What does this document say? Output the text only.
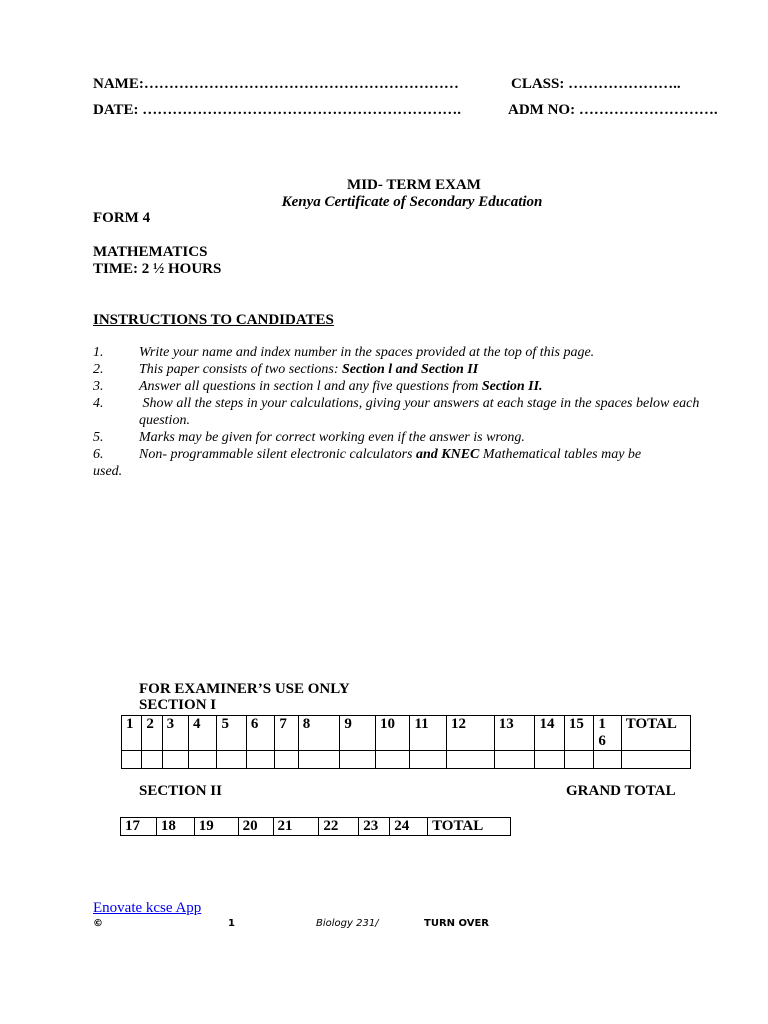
NAME:………………………………………………………	CLASS: …………………..
DATE: ……………………………………………………….	ADM NO: ……………………….
MID- TERM EXAM
Kenya Certificate of Secondary Education
FORM 4
MATHEMATICS
TIME: 2 ½ HOURS
INSTRUCTIONS TO CANDIDATES
1.	Write your name and index number in the spaces provided at the top of this page.
2.	This paper consists of two sections: Section l and Section II
3.	Answer all questions in section l and any five questions from Section II.
4.	Show all the steps in your calculations, giving your answers at each stage in the spaces below each question.
5.	Marks may be given for correct working even if the answer is wrong.
6.	Non- programmable silent electronic calculators and KNEC Mathematical tables may be
used.
FOR EXAMINER’S USE ONLY
SECTION I
1	2	3	4	5	6	7	8	9	10	11	12	13	14	15	1 6	TOTAL

SECTION II	GRAND TOTAL
17	18	19	20	21	22	23	24	TOTAL
Enovate kcse App
©	1	Biology 231/	TURN OVER
